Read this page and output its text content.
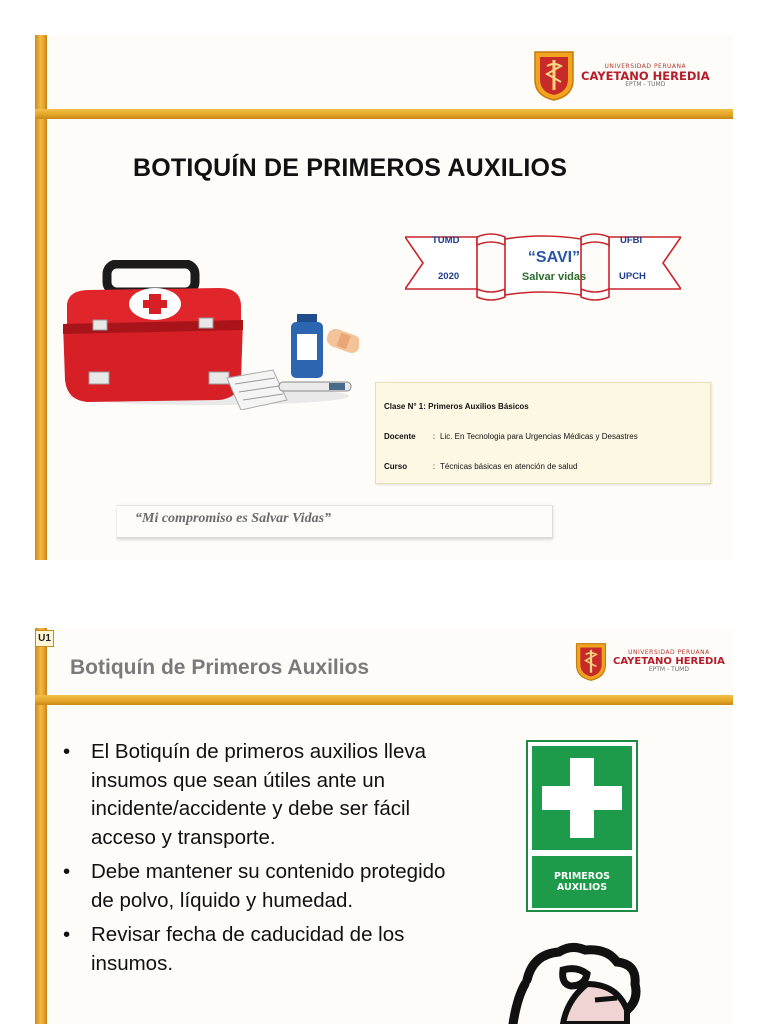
UNIVERSIDAD PERUANA
CAYETANO HEREDIA
EPTM - TUMD
BOTIQUÍN DE PRIMEROS AUXILIOS
TUMD
2020
UFBI
UPCH
“SAVI”
Salvar vidas
Clase N° 1: Primeros Auxilios Básicos
Docente	: Lic. En Tecnologia para Urgencias Médicas y Desastres
Curso	: Técnicas básicas en atención de salud
“Mi compromiso es Salvar Vidas”
U1
Botiquín de Primeros Auxilios
UNIVERSIDAD PERUANA
CAYETANO HEREDIA
EPTM - TUMD
• El Botiquín de primeros auxilios lleva insumos que sean útiles ante un incidente/accidente y debe ser fácil acceso y transporte.
• Debe mantener su contenido protegido de polvo, líquido y humedad.
• Revisar fecha de caducidad de los insumos.
PRIMEROS
AUXILIOS
